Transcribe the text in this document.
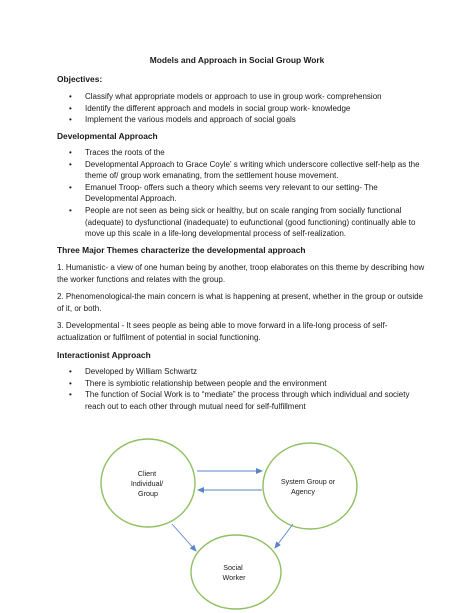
Models and Approach in Social Group Work

Objectives:

• Classify what appropriate models or approach to use in group work- comprehension
• Identify the different approach and models in social group work- knowledge
• Implement the various models and approach of social goals

Developmental Approach

• Traces the roots of the
• Developmental Approach to Grace Coyle' s writing which underscore collective self-help as the theme of/ group work emanating, from the settlement house movement.
• Emanuel Troop- offers such a theory which seems very relevant to our setting- The Developmental Approach.
• People are not seen as being sick or healthy, but on scale ranging from socially functional (adequate) to dysfunctional (inadequate) to eufunctional (good functioning) continually able to move up this scale in a life-long developmental process of self-realization.

Three Major Themes characterize the developmental approach

1. Humanistic- a view of one human being by another, troop elaborates on this theme by describing how the worker functions and relates with the group.

2. Phenomenological-the main concern is what is happening at present, whether in the group or outside of it, or both.

3. Developmental - It sees people as being able to move forward in a life-long process of self-actualization or fulfilment of potential in social functioning.

Interactionist Approach

• Developed by William Schwartz
• There is symbiotic relationship between people and the environment
• The function of Social Work is to “mediate” the process through which individual and society reach out to each other through mutual need for self-fulfillment
Client Individual/ Group
System Group or Agency
Social Worker
